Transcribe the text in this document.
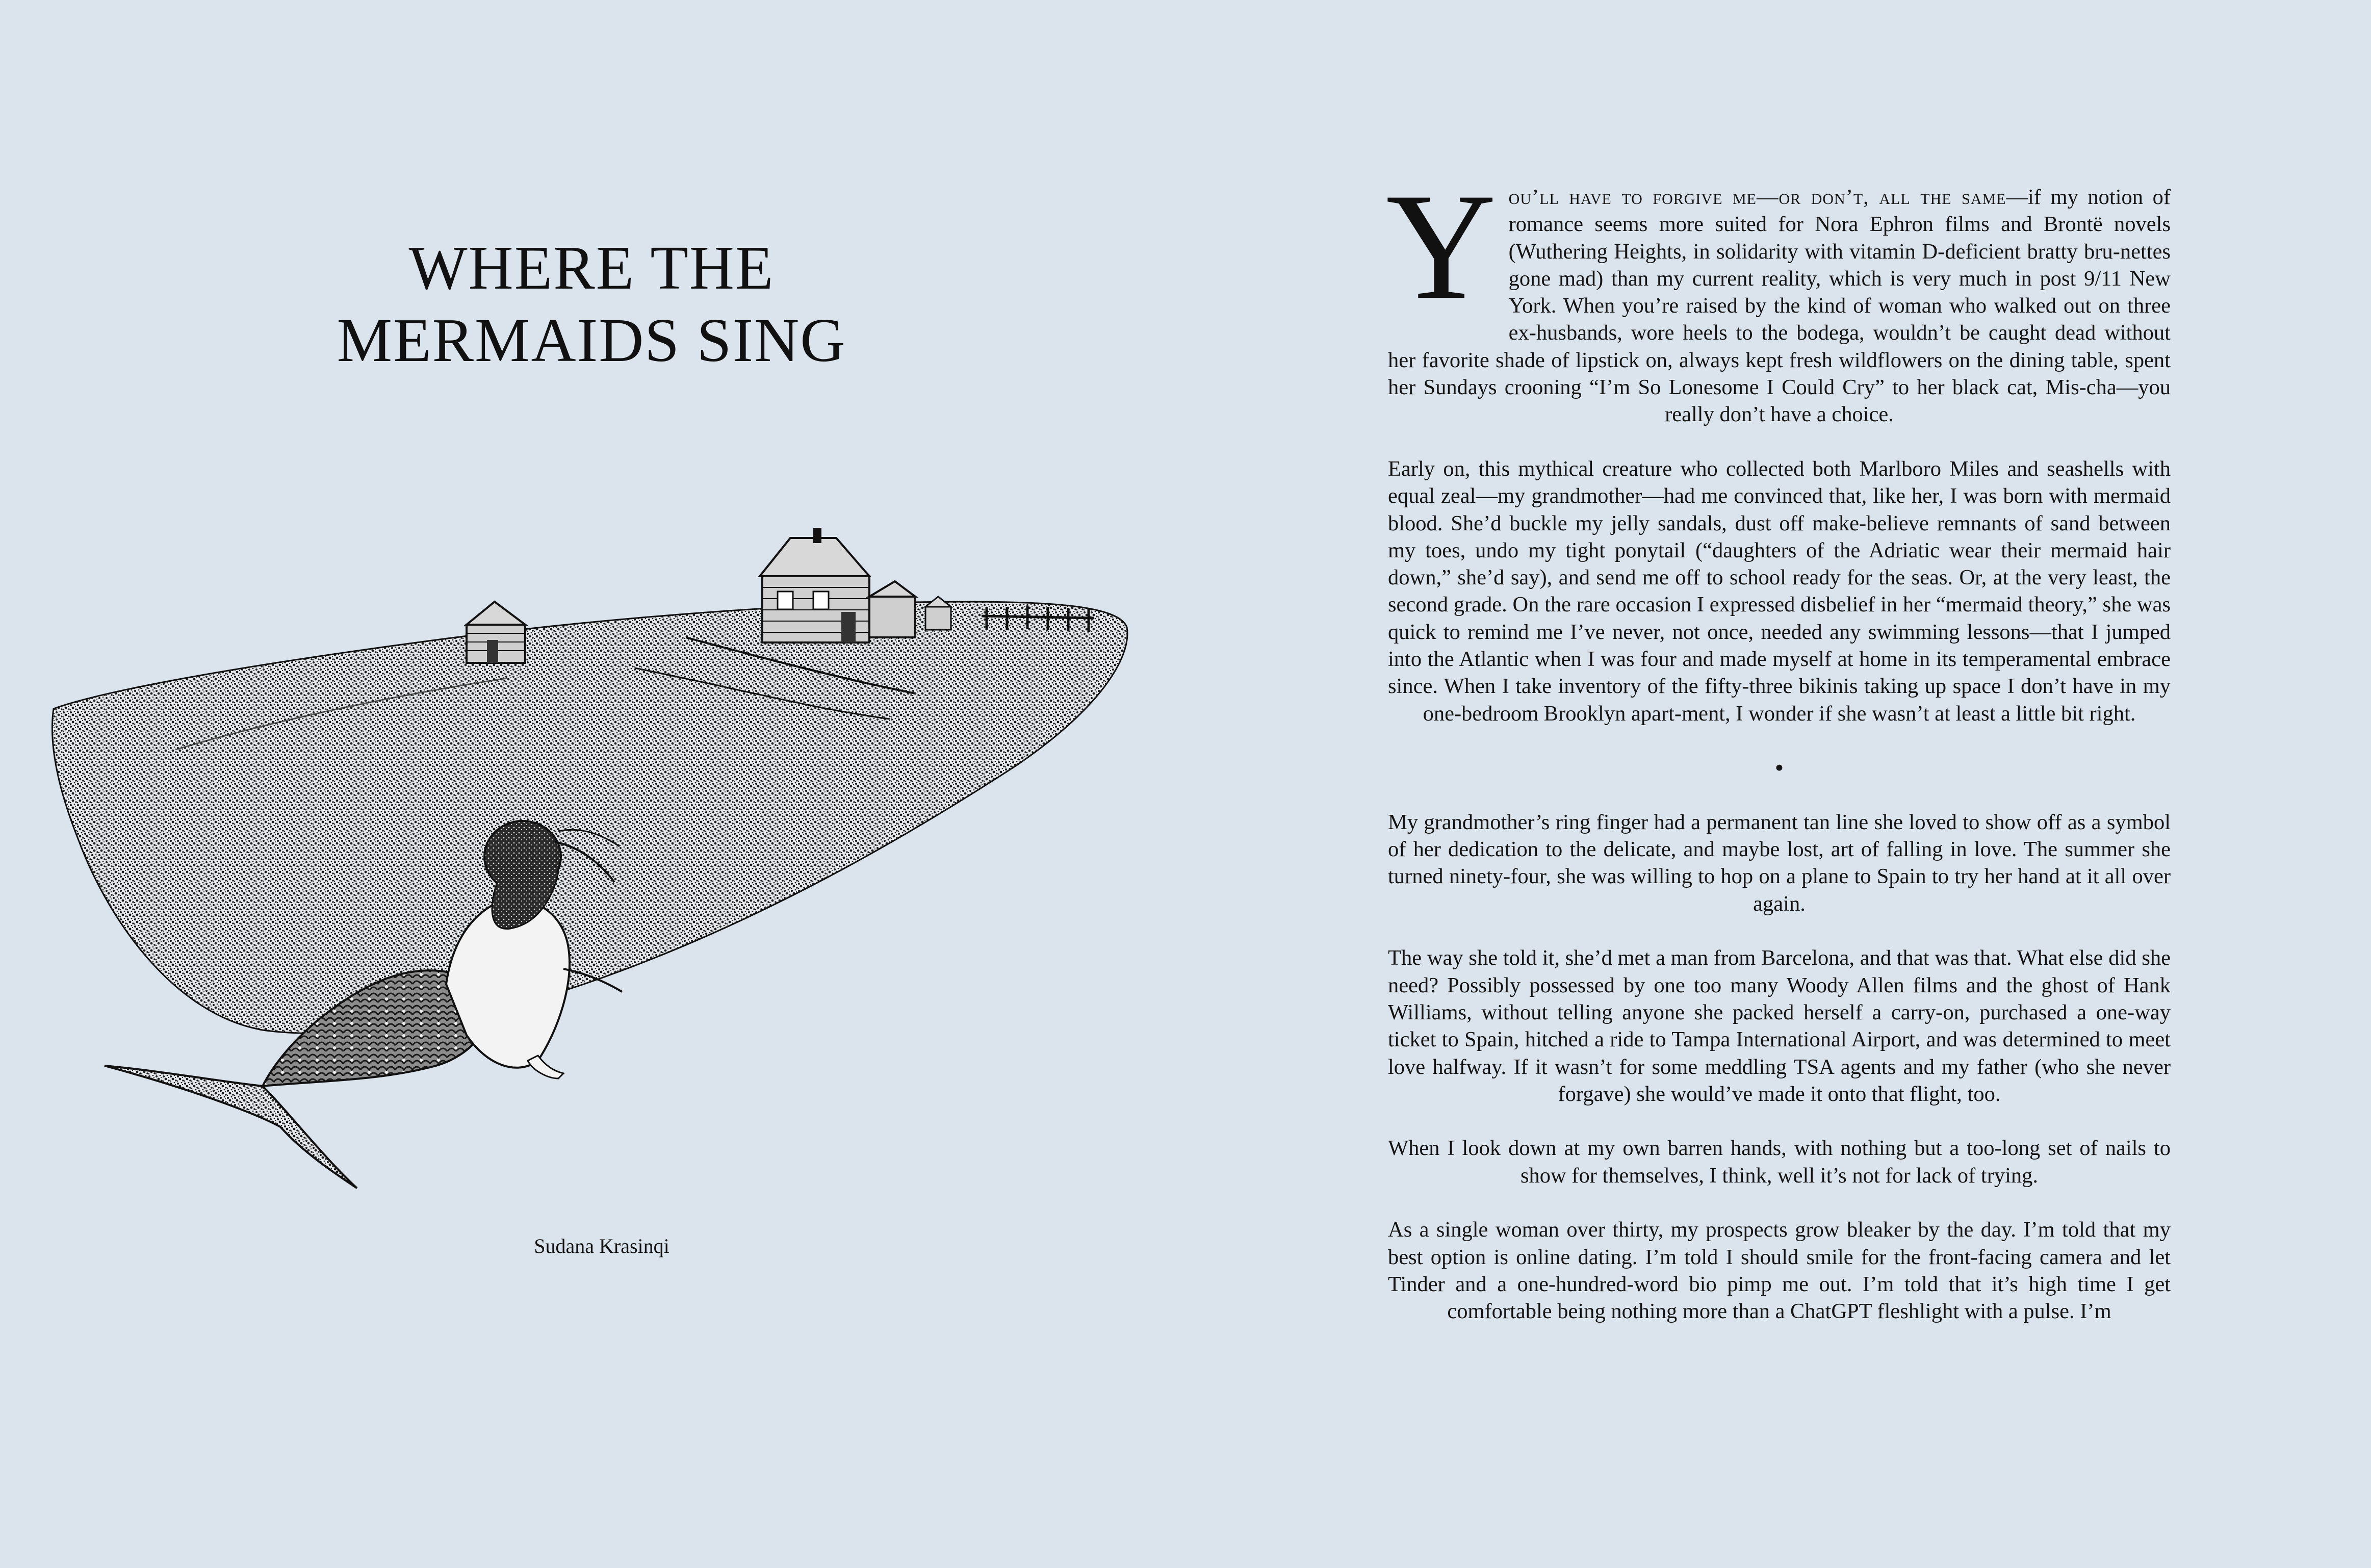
WHERE THE
MERMAIDS SING
Sudana Krasinqi

You’ll have to forgive me—or don’t, all the same—if my notion of romance seems more suited for Nora Ephron films and Brontë novels (Wuthering Heights, in solidarity with vitamin D-deficient bratty bru-nettes gone mad) than my current reality, which is very much in post 9/11 New York. When you’re raised by the kind of woman who walked out on three ex-husbands, wore heels to the bodega, wouldn’t be caught dead without her favorite shade of lipstick on, always kept fresh wildflowers on the dining table, spent her Sundays crooning “I’m So Lonesome I Could Cry” to her black cat, Mis-cha—you really don’t have a choice.

Early on, this mythical creature who collected both Marlboro Miles and seashells with equal zeal—my grandmother—had me convinced that, like her, I was born with mermaid blood. She’d buckle my jelly sandals, dust off make-believe remnants of sand between my toes, undo my tight ponytail (“daughters of the Adriatic wear their mermaid hair down,” she’d say), and send me off to school ready for the seas. Or, at the very least, the second grade. On the rare occasion I expressed disbelief in her “mermaid theory,” she was quick to remind me I’ve never, not once, needed any swimming lessons—that I jumped into the Atlantic when I was four and made myself at home in its temperamental embrace since. When I take inventory of the fifty-three bikinis taking up space I don’t have in my one-bedroom Brooklyn apart-ment, I wonder if she wasn’t at least a little bit right.

•

My grandmother’s ring finger had a permanent tan line she loved to show off as a symbol of her dedication to the delicate, and maybe lost, art of falling in love. The summer she turned ninety-four, she was willing to hop on a plane to Spain to try her hand at it all over again.

The way she told it, she’d met a man from Barcelona, and that was that. What else did she need? Possibly possessed by one too many Woody Allen films and the ghost of Hank Williams, without telling anyone she packed herself a carry-on, purchased a one-way ticket to Spain, hitched a ride to Tampa International Airport, and was determined to meet love halfway. If it wasn’t for some meddling TSA agents and my father (who she never forgave) she would’ve made it onto that flight, too.

When I look down at my own barren hands, with nothing but a too-long set of nails to show for themselves, I think, well it’s not for lack of trying.

As a single woman over thirty, my prospects grow bleaker by the day. I’m told that my best option is online dating. I’m told I should smile for the front-facing camera and let Tinder and a one-hundred-word bio pimp me out. I’m told that it’s high time I get comfortable being nothing more than a ChatGPT fleshlight with a pulse. I’m
